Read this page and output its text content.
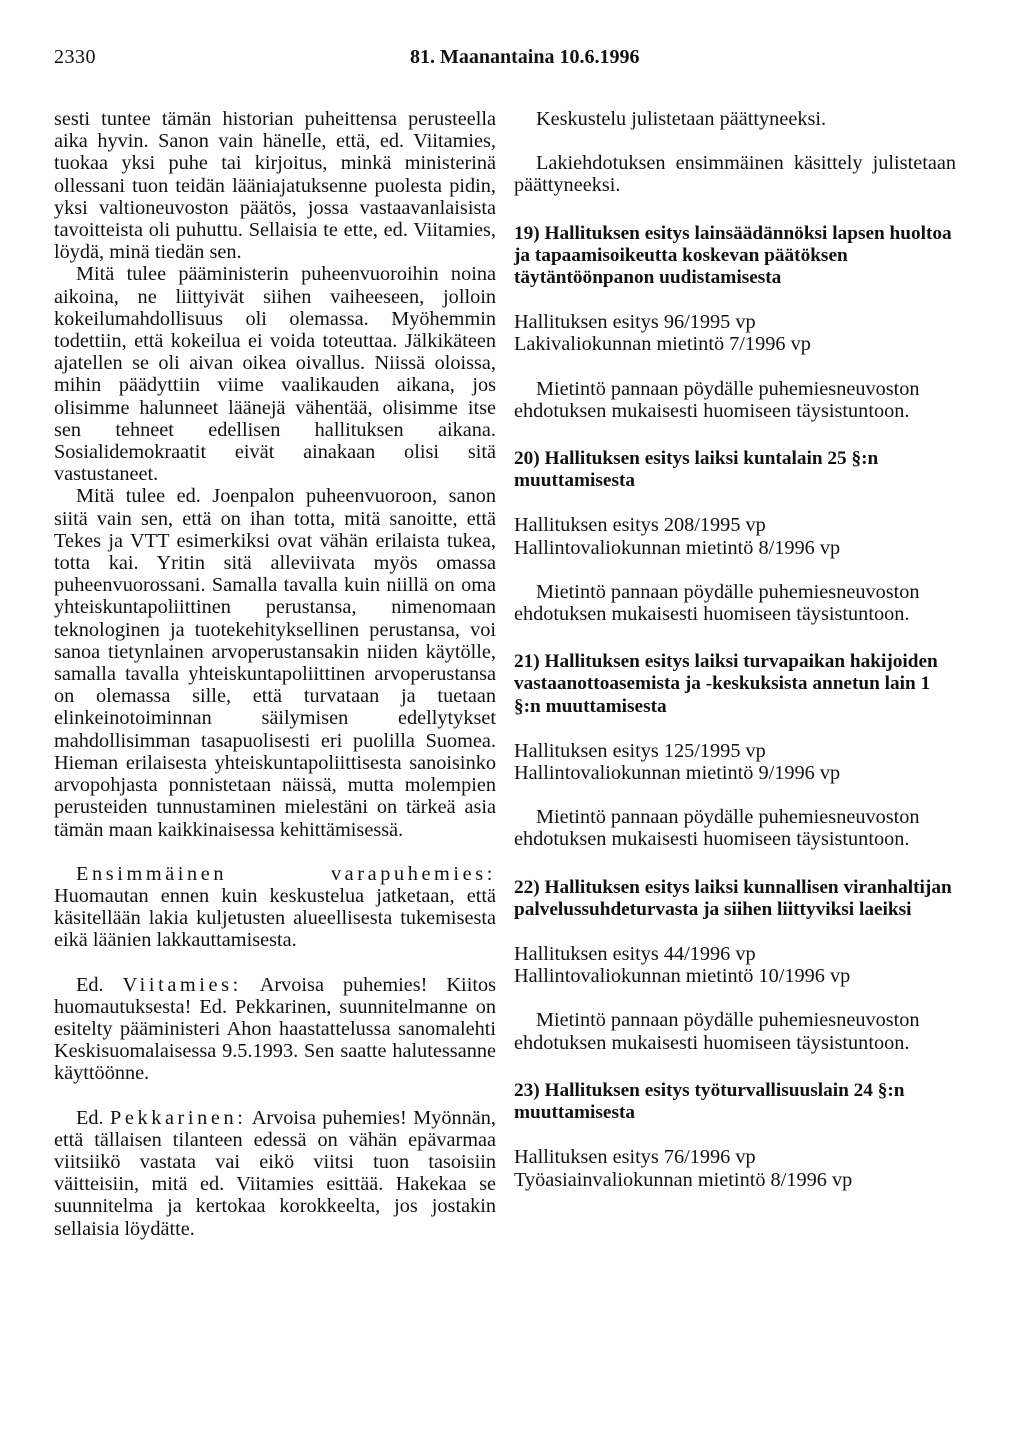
2330	81. Maanantaina 10.6.1996

sesti tuntee tämän historian puheittensa perusteella aika hyvin. Sanon vain hänelle, että, ed. Viitamies, tuokaa yksi puhe tai kirjoitus, minkä ministerinä ollessani tuon teidän lääniajatuksenne puolesta pidin, yksi valtioneuvoston päätös, jossa vastaavanlaisista tavoitteista oli puhuttu. Sellaisia te ette, ed. Viitamies, löydä, minä tiedän sen.

Mitä tulee pääministerin puheenvuoroihin noina aikoina, ne liittyivät siihen vaiheeseen, jolloin kokeilumahdollisuus oli olemassa. Myöhemmin todettiin, että kokeilua ei voida toteuttaa. Jälkikäteen ajatellen se oli aivan oikea oivallus. Niissä oloissa, mihin päädyttiin viime vaalikauden aikana, jos olisimme halunneet läänejä vähentää, olisimme itse sen tehneet edellisen hallituksen aikana. Sosialidemokraatit eivät ainakaan olisi sitä vastustaneet.

Mitä tulee ed. Joenpalon puheenvuoroon, sanon siitä vain sen, että on ihan totta, mitä sanoitte, että Tekes ja VTT esimerkiksi ovat vähän erilaista tukea, totta kai. Yritin sitä alleviivata myös omassa puheenvuorossani. Samalla tavalla kuin niillä on oma yhteiskuntapoliittinen perustansa, nimenomaan teknologinen ja tuotekehityksellinen perustansa, voi sanoa tietynlainen arvoperustansakin niiden käytölle, samalla tavalla yhteiskuntapoliittinen arvoperustansa on olemassa sille, että turvataan ja tuetaan elinkeinotoiminnan säilymisen edellytykset mahdollisimman tasapuolisesti eri puolilla Suomea. Hieman erilaisesta yhteiskuntapoliittisesta sanoisinko arvopohjasta ponnistetaan näissä, mutta molempien perusteiden tunnustaminen mielestäni on tärkeä asia tämän maan kaikkinaisessa kehittämisessä.

Ensimmäinen varapuhemies: Huomautan ennen kuin keskustelua jatketaan, että käsitellään lakia kuljetusten alueellisesta tukemisesta eikä läänien lakkauttamisesta.

Ed. Viitamies: Arvoisa puhemies! Kiitos huomautuksesta! Ed. Pekkarinen, suunnitelmanne on esitelty pääministeri Ahon haastattelussa sanomalehti Keskisuomalaisessa 9.5.1993. Sen saatte halutessanne käyttöönne.

Ed. Pekkarinen: Arvoisa puhemies! Myönnän, että tällaisen tilanteen edessä on vähän epävarmaa viitsiikö vastata vai eikö viitsi tuon tasoisiin väitteisiin, mitä ed. Viitamies esittää. Hakekaa se suunnitelma ja kertokaa korokkeelta, jos jostakin sellaisia löydätte.

Keskustelu julistetaan päättyneeksi.

Lakiehdotuksen ensimmäinen käsittely julistetaan päättyneeksi.

19) Hallituksen esitys lainsäädännöksi lapsen huoltoa ja tapaamisoikeutta koskevan päätöksen täytäntöönpanon uudistamisesta

Hallituksen esitys 96/1995 vp
Lakivaliokunnan mietintö 7/1996 vp

Mietintö pannaan pöydälle puhemiesneuvoston ehdotuksen mukaisesti huomiseen täysistuntoon.

20) Hallituksen esitys laiksi kuntalain 25 §:n muuttamisesta

Hallituksen esitys 208/1995 vp
Hallintovaliokunnan mietintö 8/1996 vp

Mietintö pannaan pöydälle puhemiesneuvoston ehdotuksen mukaisesti huomiseen täysistuntoon.

21) Hallituksen esitys laiksi turvapaikan hakijoiden vastaanottoasemista ja -keskuksista annetun lain 1 §:n muuttamisesta

Hallituksen esitys 125/1995 vp
Hallintovaliokunnan mietintö 9/1996 vp

Mietintö pannaan pöydälle puhemiesneuvoston ehdotuksen mukaisesti huomiseen täysistuntoon.

22) Hallituksen esitys laiksi kunnallisen viranhaltijan palvelussuhdeturvasta ja siihen liittyviksi laeiksi

Hallituksen esitys 44/1996 vp
Hallintovaliokunnan mietintö 10/1996 vp

Mietintö pannaan pöydälle puhemiesneuvoston ehdotuksen mukaisesti huomiseen täysistuntoon.

23) Hallituksen esitys työturvallisuuslain 24 §:n muuttamisesta

Hallituksen esitys 76/1996 vp
Työasiainvaliokunnan mietintö 8/1996 vp
